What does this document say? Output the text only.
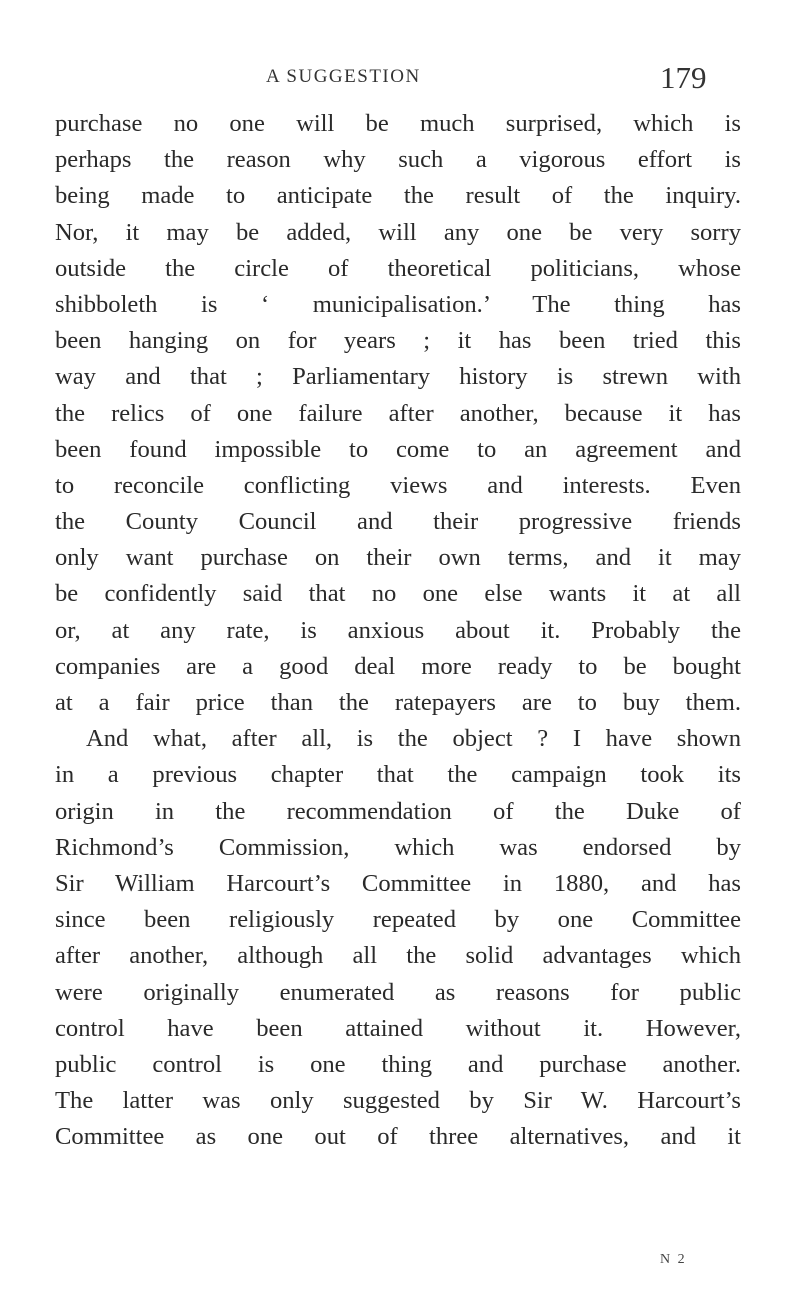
A SUGGESTION	179
purchase no one will be much surprised, which is
perhaps the reason why such a vigorous effort is
being made to anticipate the result of the inquiry.
Nor, it may be added, will any one be very sorry
outside the circle of theoretical politicians, whose
shibboleth is ‘ municipalisation.’ The thing has
been hanging on for years ; it has been tried this
way and that ; Parliamentary history is strewn with
the relics of one failure after another, because it has
been found impossible to come to an agreement and
to reconcile conflicting views and interests. Even
the County Council and their progressive friends
only want purchase on their own terms, and it may
be confidently said that no one else wants it at all
or, at any rate, is anxious about it. Probably the
companies are a good deal more ready to be bought
at a fair price than the ratepayers are to buy them.
And what, after all, is the object ? I have shown
in a previous chapter that the campaign took its
origin in the recommendation of the Duke of
Richmond’s Commission, which was endorsed by
Sir William Harcourt’s Committee in 1880, and has
since been religiously repeated by one Committee
after another, although all the solid advantages which
were originally enumerated as reasons for public
control have been attained without it. However,
public control is one thing and purchase another.
The latter was only suggested by Sir W. Harcourt’s
Committee as one out of three alternatives, and it
N 2
